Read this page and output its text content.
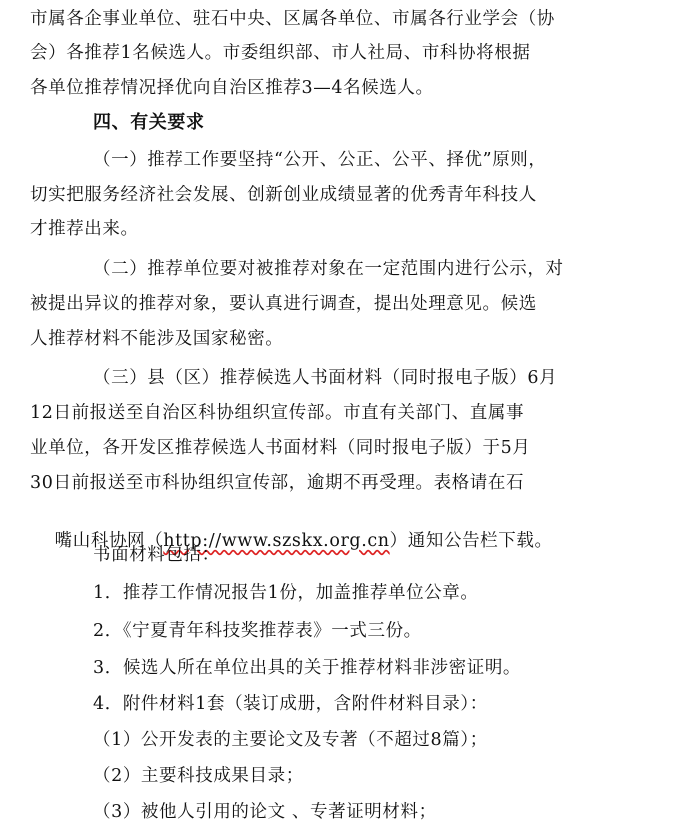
市属各企事业单位、驻石中央、区属各单位、市属各行业学会（协
会）各推荐1名候选人。市委组织部、市人社局、市科协将根据
各单位推荐情况择优向自治区推荐3—4名候选人。
四、有关要求
（一）推荐工作要坚持“公开、公正、公平、择优”原则，
切实把服务经济社会发展、创新创业成绩显著的优秀青年科技人
才推荐出来。
（二）推荐单位要对被推荐对象在一定范围内进行公示，对
被提出异议的推荐对象，要认真进行调查，提出处理意见。候选
人推荐材料不能涉及国家秘密。
（三）县（区）推荐候选人书面材料（同时报电子版）6月
12日前报送至自治区科协组织宣传部。市直有关部门、直属事
业单位，各开发区推荐候选人书面材料（同时报电子版）于5月
30日前报送至市科协组织宣传部，逾期不再受理。表格请在石

嘴山科协网（http://www.szskx.org.cn）通知公告栏下载。

书面材料包括：
1．推荐工作情况报告1份，加盖推荐单位公章。
2．《宁夏青年科技奖推荐表》一式三份。
3．候选人所在单位出具的关于推荐材料非涉密证明。
4．附件材料1套（装订成册，含附件材料目录）：
（1）公开发表的主要论文及专著（不超过8篇）；
（2）主要科技成果目录；
（3）被他人引用的论文 、专著证明材料；
